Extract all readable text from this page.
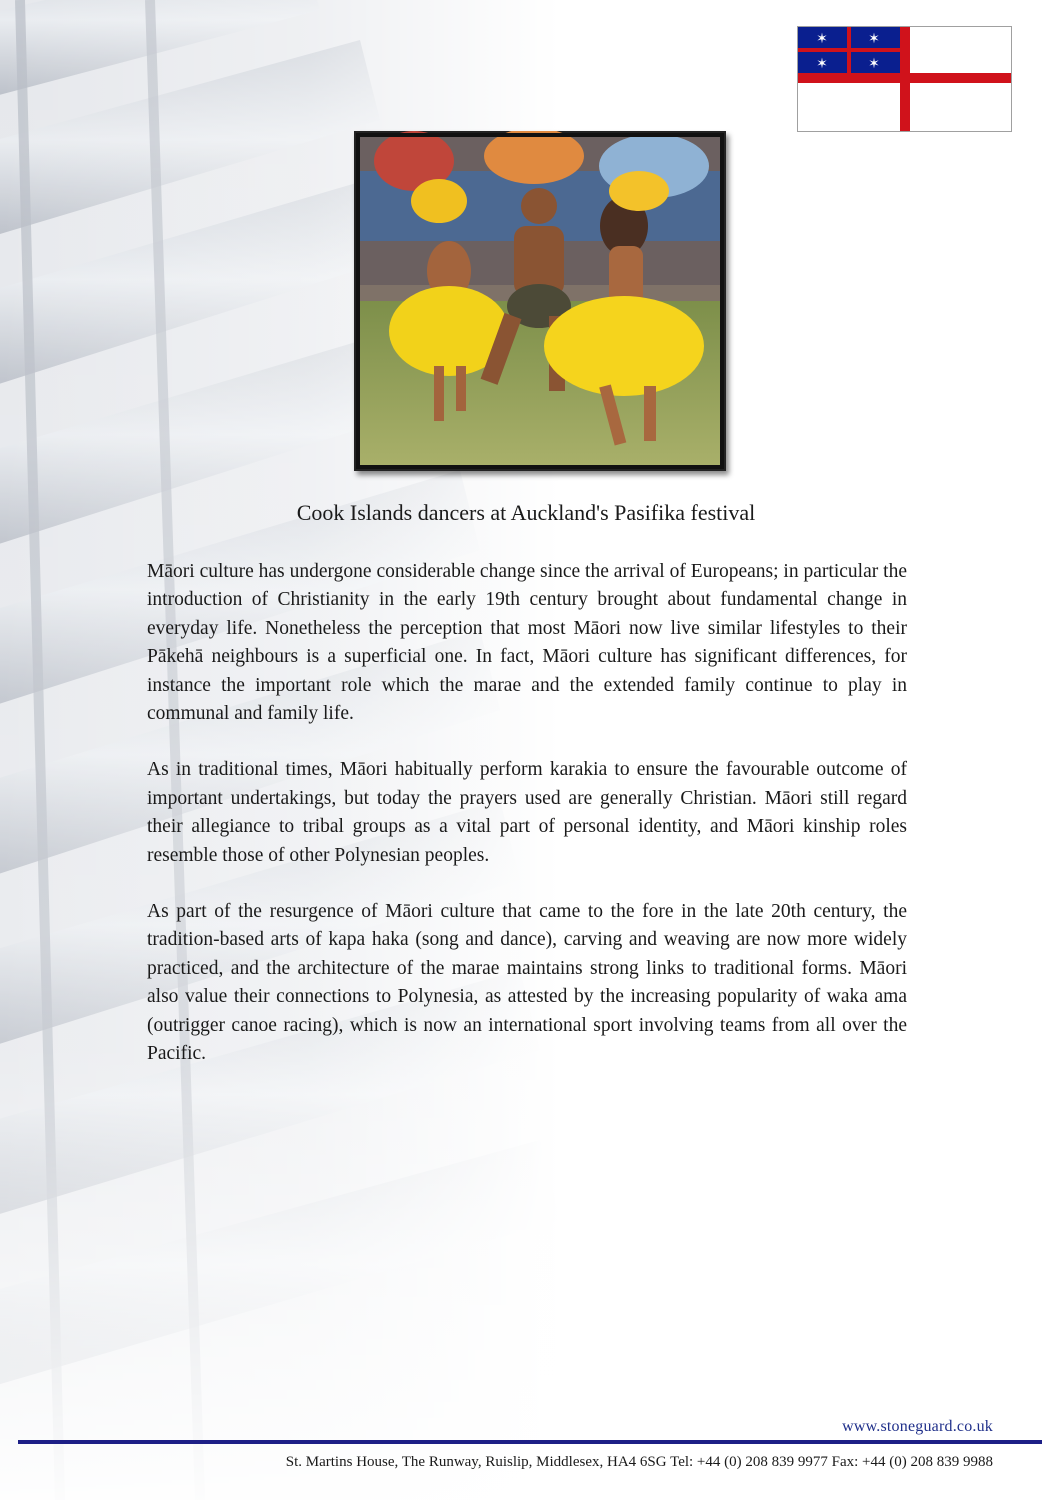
✶	✶
✶	✶
Cook Islands dancers at Auckland's Pasifika festival

Māori culture has undergone considerable change since the arrival of Europeans; in particular the introduction of Christianity in the early 19th century brought about fundamental change in everyday life. Nonetheless the perception that most Māori now live similar lifestyles to their Pākehā neighbours is a superficial one. In fact, Māori culture has significant differences, for instance the important role which the marae and the extended family continue to play in communal and family life.

As in traditional times, Māori habitually perform karakia to ensure the favourable outcome of important undertakings, but today the prayers used are generally Christian. Māori still regard their allegiance to tribal groups as a vital part of personal identity, and Māori kinship roles resemble those of other Polynesian peoples.

As part of the resurgence of Māori culture that came to the fore in the late 20th century, the tradition-based arts of kapa haka (song and dance), carving and weaving are now more widely practiced, and the architecture of the marae maintains strong links to traditional forms. Māori also value their connections to Polynesia, as attested by the increasing popularity of waka ama (outrigger canoe racing), which is now an international sport involving teams from all over the Pacific.

www.stoneguard.co.uk
St. Martins House, The Runway, Ruislip, Middlesex, HA4 6SG Tel: +44 (0) 208 839 9977 Fax: +44 (0) 208 839 9988
